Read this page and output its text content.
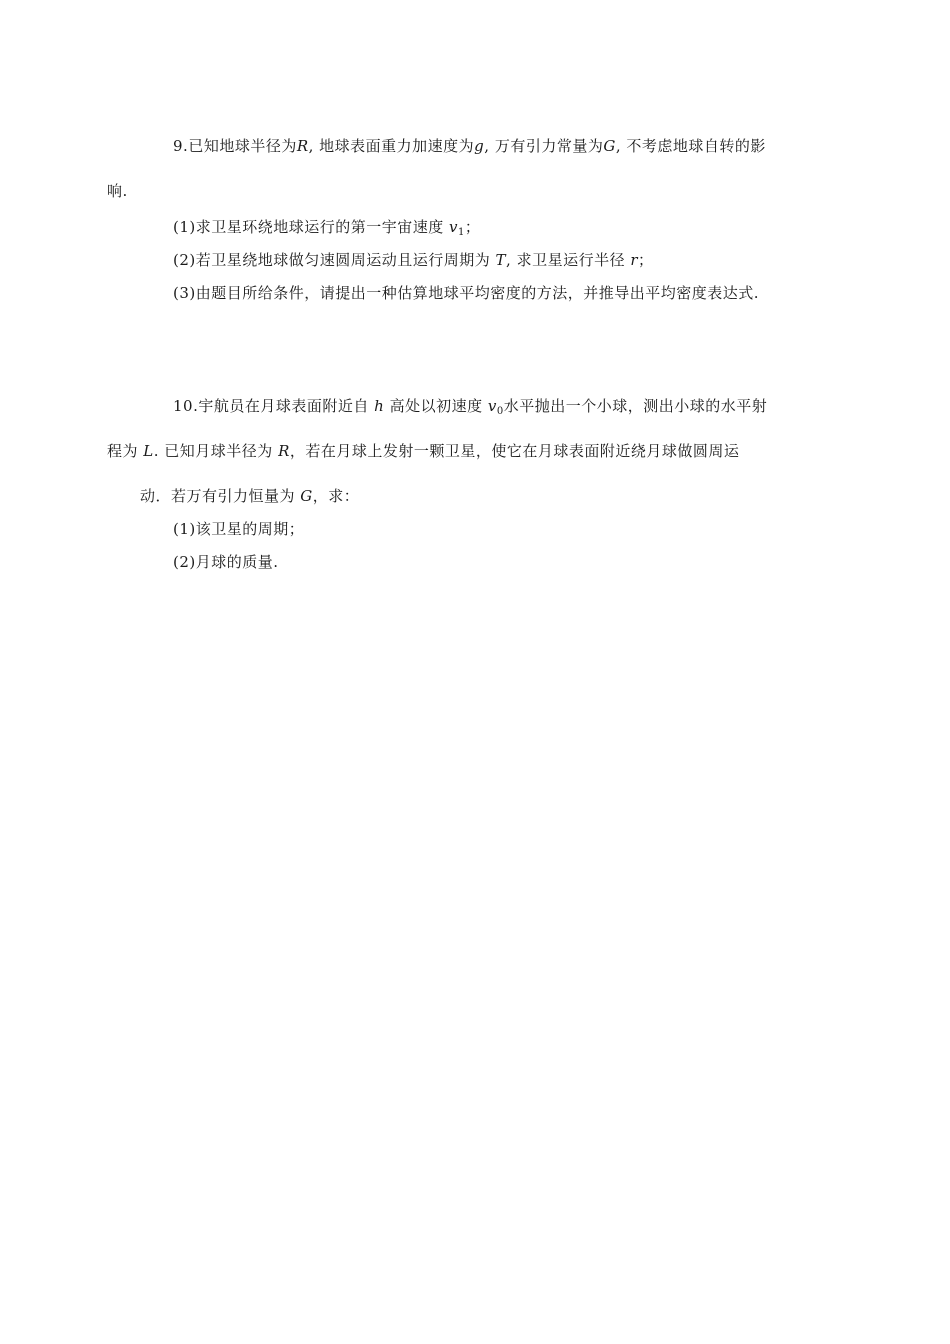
9.已知地球半径为R, 地球表面重力加速度为g, 万有引力常量为G, 不考虑地球自转的影
响.

(1)求卫星环绕地球运行的第一宇宙速度 $v_1$；

(2)若卫星绕地球做匀速圆周运动且运行周期为 T, 求卫星运行半径 r；

(3)由题目所给条件，请提出一种估算地球平均密度的方法，并推导出平均密度表达式.

10.宇航员在月球表面附近自 h 高处以初速度 $v_0$水平抛出一个小球，测出小球的水平射
程为 L. 已知月球半径为 R，若在月球上发射一颗卫星，使它在月球表面附近绕月球做圆周运
动．若万有引力恒量为 G，求：

(1)该卫星的周期；

(2)月球的质量.
